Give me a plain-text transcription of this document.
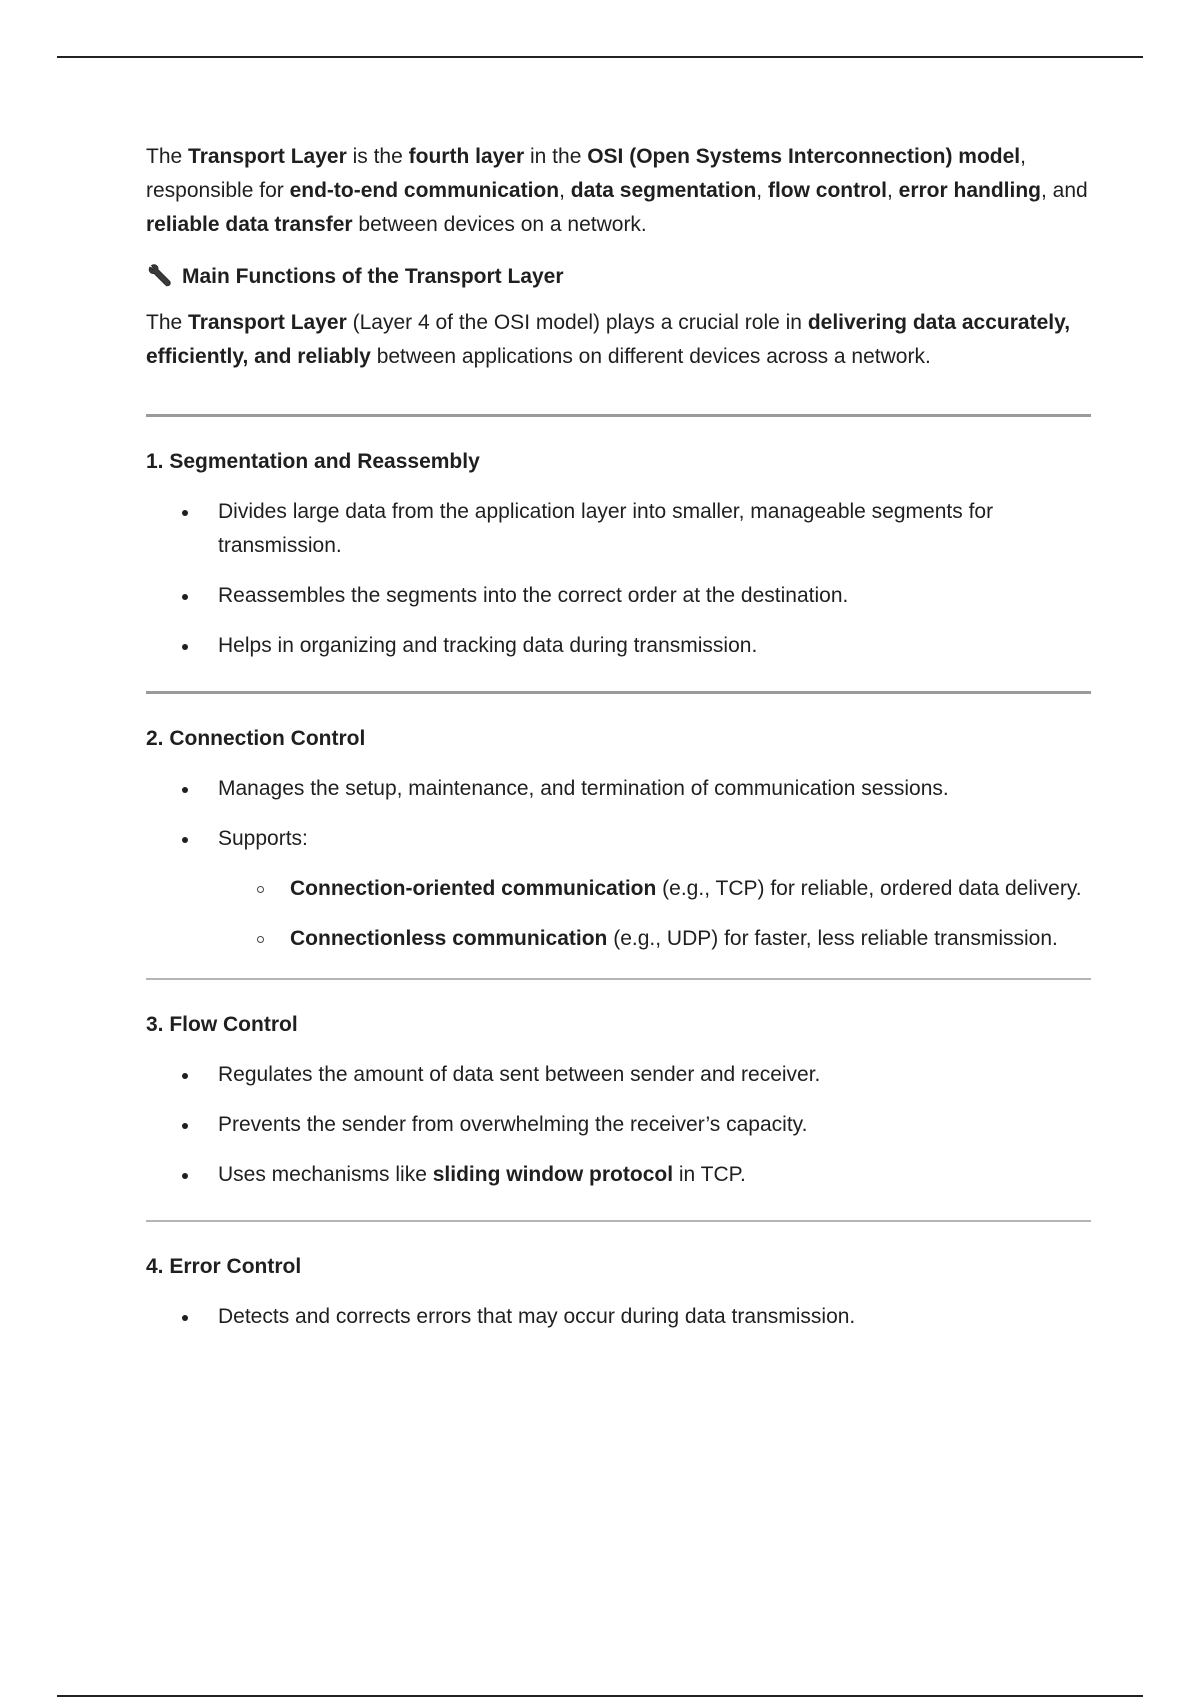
The Transport Layer is the fourth layer in the OSI (Open Systems Interconnection) model, responsible for end-to-end communication, data segmentation, flow control, error handling, and reliable data transfer between devices on a network.

Main Functions of the Transport Layer

The Transport Layer (Layer 4 of the OSI model) plays a crucial role in delivering data accurately, efficiently, and reliably between applications on different devices across a network.

1. Segmentation and Reassembly

Divides large data from the application layer into smaller, manageable segments for transmission.
Reassembles the segments into the correct order at the destination.
Helps in organizing and tracking data during transmission.

2. Connection Control

Manages the setup, maintenance, and termination of communication sessions.
Supports:
Connection-oriented communication (e.g., TCP) for reliable, ordered data delivery.
Connectionless communication (e.g., UDP) for faster, less reliable transmission.

3. Flow Control

Regulates the amount of data sent between sender and receiver.
Prevents the sender from overwhelming the receiver’s capacity.
Uses mechanisms like sliding window protocol in TCP.

4. Error Control

Detects and corrects errors that may occur during data transmission.
